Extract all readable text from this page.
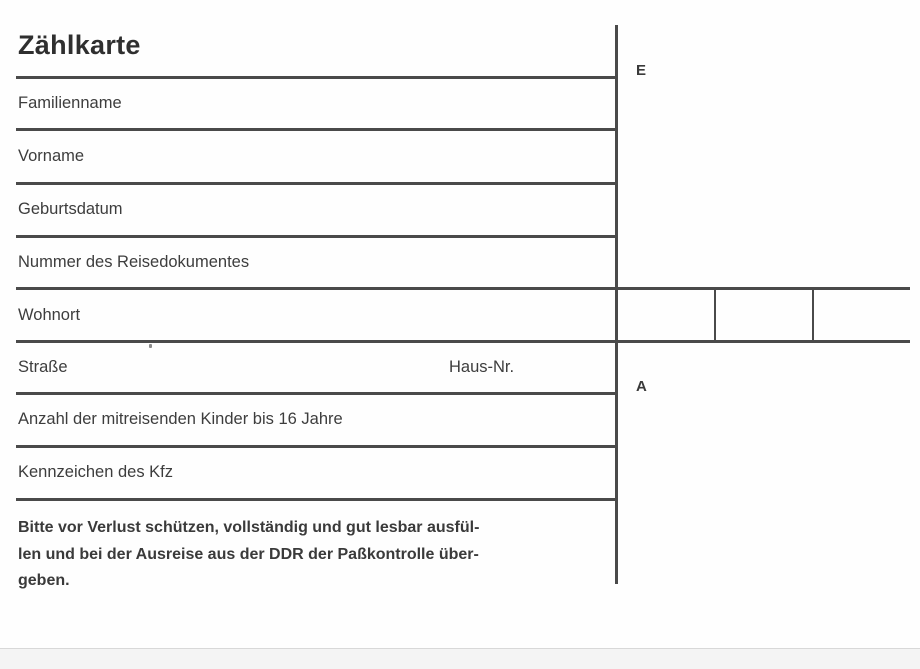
Zählkarte
Familienname
Vorname
Geburtsdatum
Nummer des Reisedokumentes
Wohnort
Straße	Haus-Nr.
Anzahl der mitreisenden Kinder bis 16 Jahre
Kennzeichen des Kfz
E
A
Bitte vor Verlust schützen, vollständig und gut lesbar ausfül-
len und bei der Ausreise aus der DDR der Paßkontrolle über-
geben.
